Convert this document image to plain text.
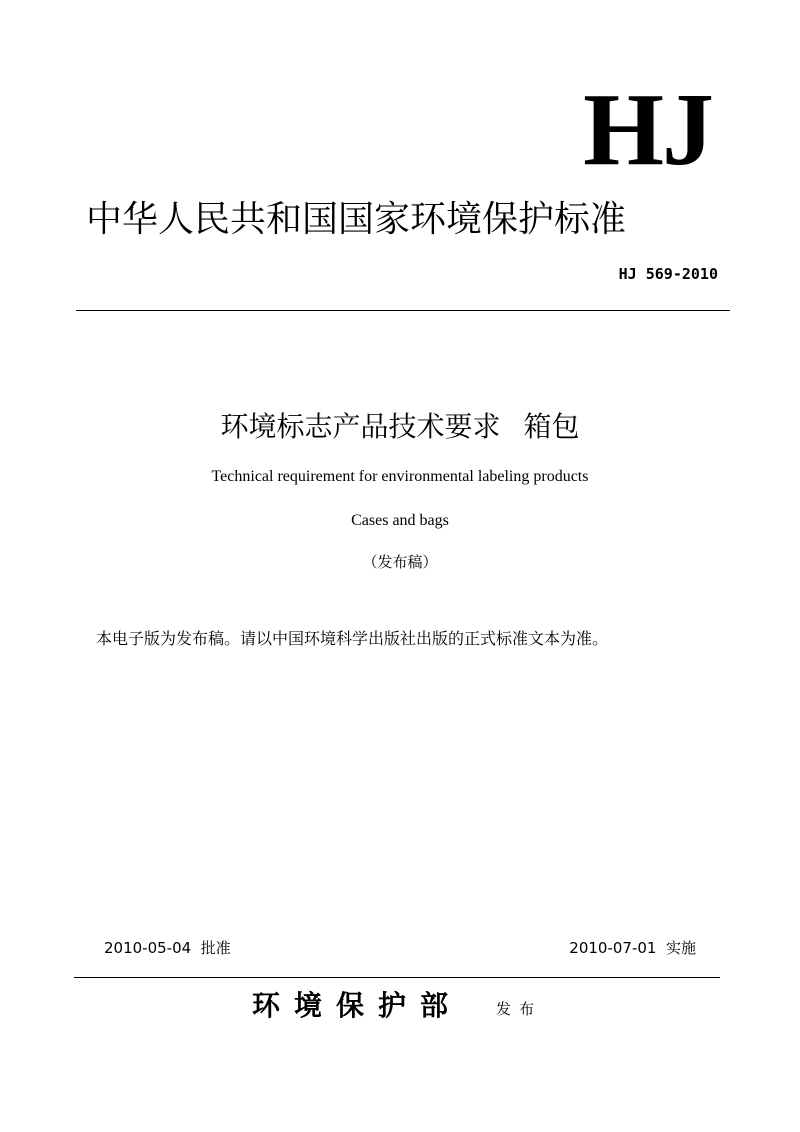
HJ
中华人民共和国国家环境保护标准
HJ 569-2010
环境标志产品技术要求 箱包
Technical requirement for environmental labeling products
Cases and bags
（发布稿）
本电子版为发布稿。请以中国环境科学出版社出版的正式标准文本为准。
2010-05-04  批准	2010-07-01  实施
环境保护部 发布
